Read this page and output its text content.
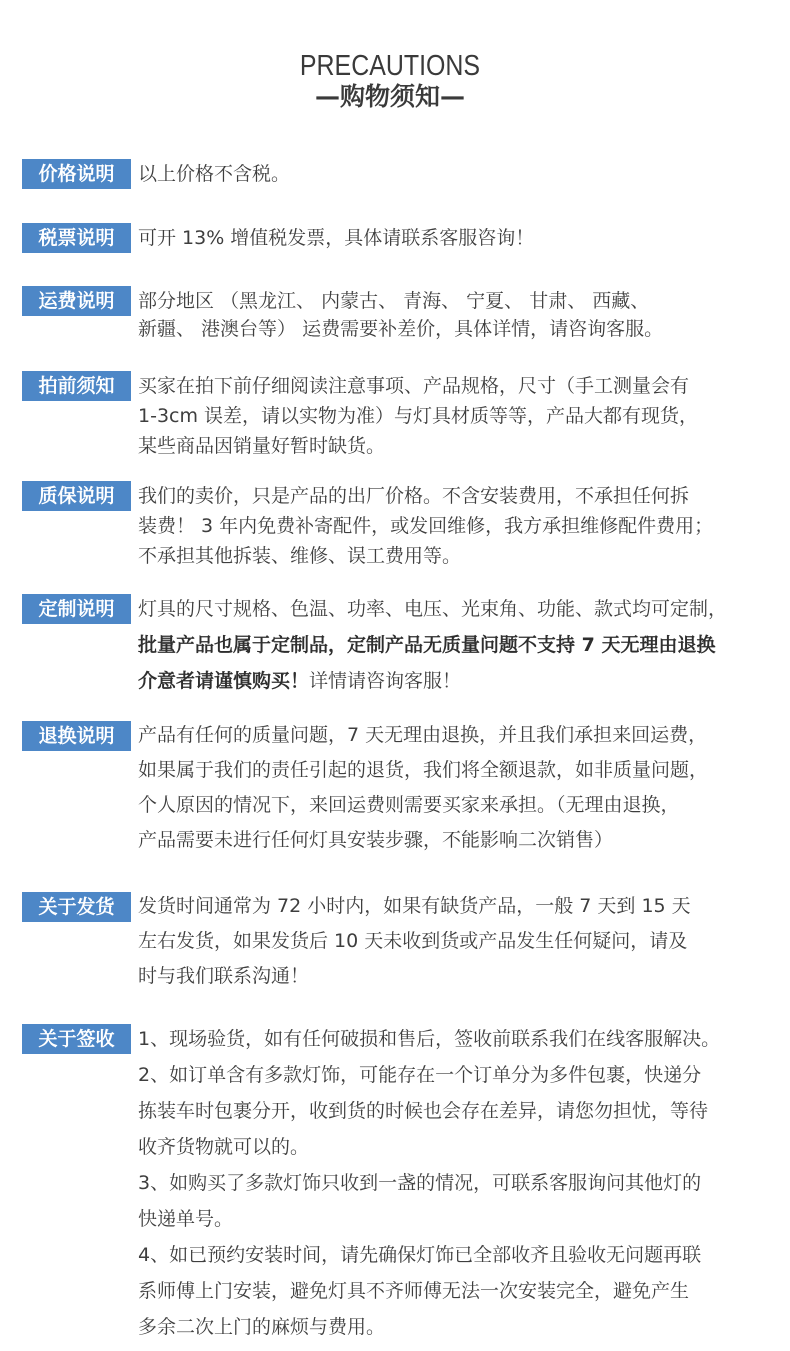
PRECAUTIONS
—购物须知—
价格说明	以上价格不含税。
税票说明	可开 13% 增值税发票，具体请联系客服咨询！
运费说明	部分地区 （黑龙江、 内蒙古、 青海、 宁夏、 甘肃、 西藏、
新疆、 港澳台等） 运费需要补差价，具体详情，请咨询客服。
拍前须知	买家在拍下前仔细阅读注意事项、产品规格，尺寸（手工测量会有
1-3cm 误差，请以实物为准）与灯具材质等等，产品大都有现货，
某些商品因销量好暂时缺货。
质保说明	我们的卖价，只是产品的出厂价格。不含安装费用，不承担任何拆
装费！ 3 年内免费补寄配件，或发回维修，我方承担维修配件费用；
不承担其他拆装、维修、误工费用等。
定制说明	灯具的尺寸规格、色温、功率、电压、光束角、功能、款式均可定制，
批量产品也属于定制品，定制产品无质量问题不支持 7 天无理由退换
介意者请谨慎购买！详情请咨询客服！
退换说明	产品有任何的质量问题，7 天无理由退换，并且我们承担来回运费，
如果属于我们的责任引起的退货，我们将全额退款，如非质量问题，
个人原因的情况下，来回运费则需要买家来承担。（无理由退换，
产品需要未进行任何灯具安装步骤，不能影响二次销售）
关于发货	发货时间通常为 72 小时内，如果有缺货产品，一般 7 天到 15 天
左右发货，如果发货后 10 天未收到货或产品发生任何疑问，请及
时与我们联系沟通！
关于签收	1、现场验货，如有任何破损和售后，签收前联系我们在线客服解决。
2、如订单含有多款灯饰，可能存在一个订单分为多件包裹，快递分
拣装车时包裹分开，收到货的时候也会存在差异，请您勿担忧，等待
收齐货物就可以的。
3、如购买了多款灯饰只收到一盏的情况，可联系客服询问其他灯的
快递单号。
4、如已预约安装时间，请先确保灯饰已全部收齐且验收无问题再联
系师傅上门安装，避免灯具不齐师傅无法一次安装完全，避免产生
多余二次上门的麻烦与费用。
